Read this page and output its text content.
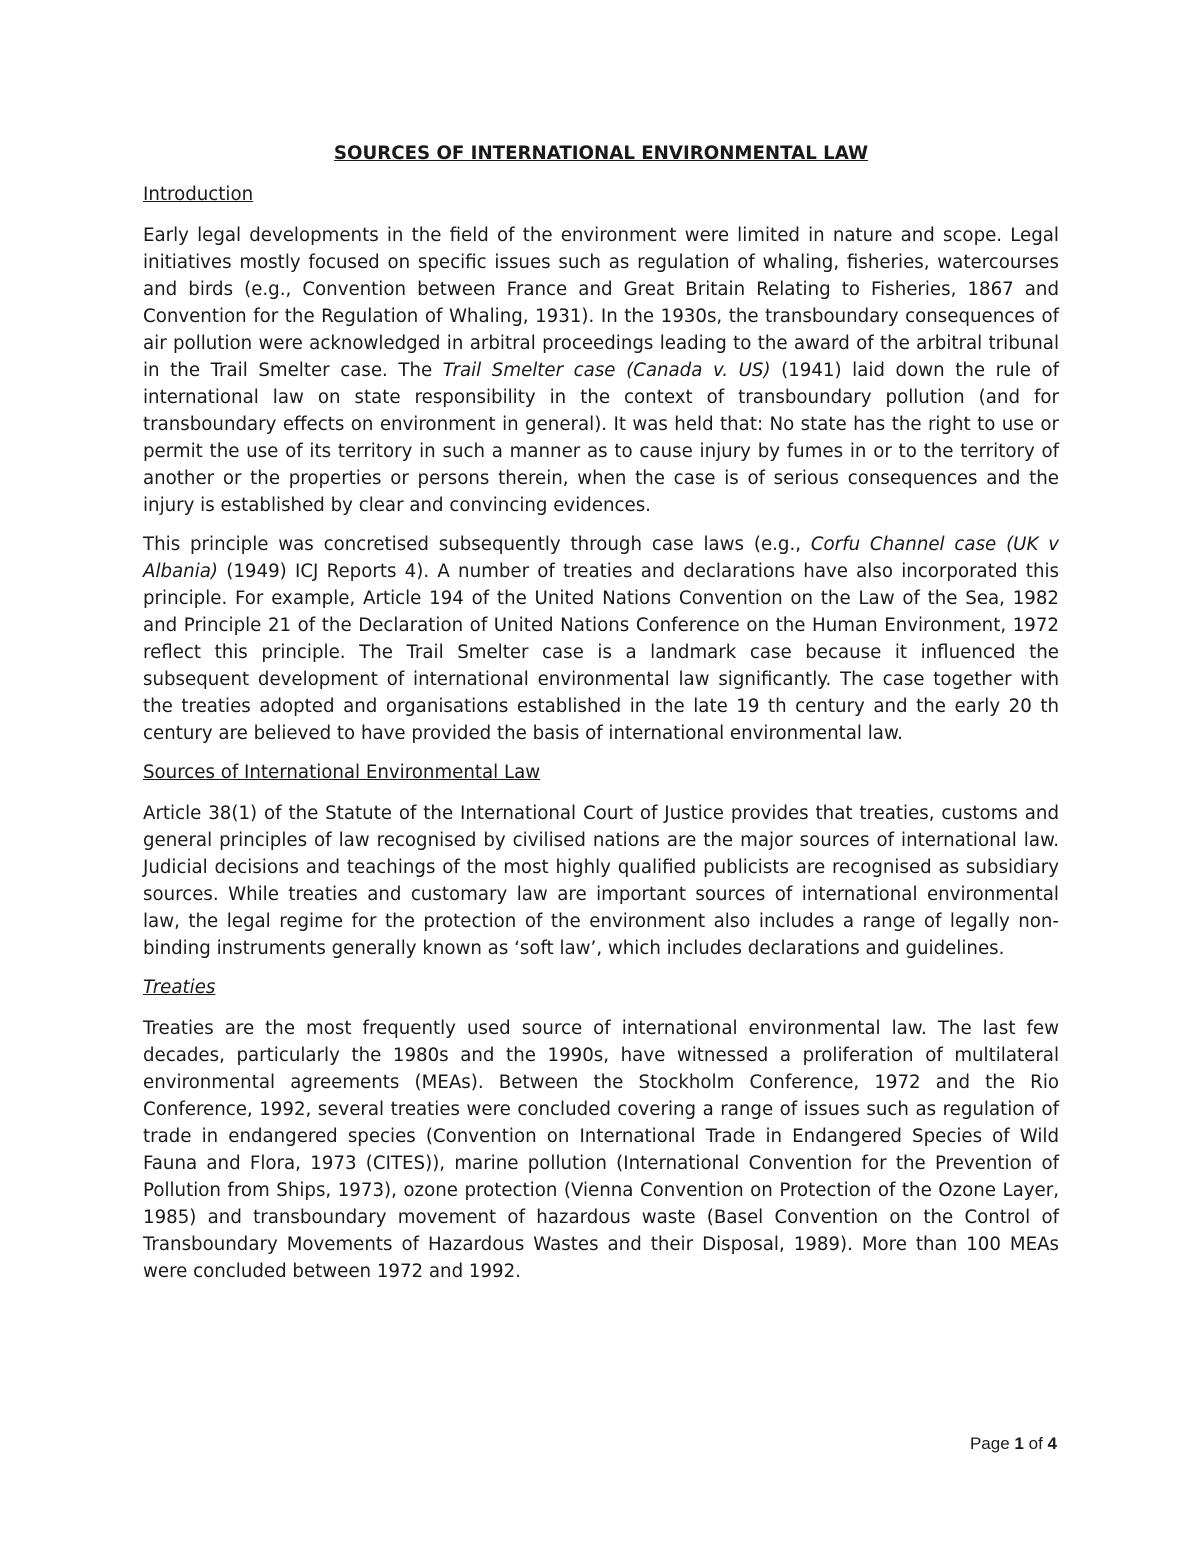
SOURCES OF INTERNATIONAL ENVIRONMENTAL LAW
Introduction

Early legal developments in the field of the environment were limited in nature and scope. Legal initiatives mostly focused on specific issues such as regulation of whaling, fisheries, watercourses and birds (e.g., Convention between France and Great Britain Relating to Fisheries, 1867 and Convention for the Regulation of Whaling, 1931). In the 1930s, the transboundary consequences of air pollution were acknowledged in arbitral proceedings leading to the award of the arbitral tribunal in the Trail Smelter case. The Trail Smelter case (Canada v. US) (1941) laid down the rule of international law on state responsibility in the context of transboundary pollution (and for transboundary effects on environment in general). It was held that: No state has the right to use or permit the use of its territory in such a manner as to cause injury by fumes in or to the territory of another or the properties or persons therein, when the case is of serious consequences and the injury is established by clear and convincing evidences.

This principle was concretised subsequently through case laws (e.g., Corfu Channel case (UK v Albania) (1949) ICJ Reports 4). A number of treaties and declarations have also incorporated this principle. For example, Article 194 of the United Nations Convention on the Law of the Sea, 1982 and Principle 21 of the Declaration of United Nations Conference on the Human Environment, 1972 reflect this principle. The Trail Smelter case is a landmark case because it influenced the subsequent development of international environmental law significantly. The case together with the treaties adopted and organisations established in the late 19 th century and the early 20 th century are believed to have provided the basis of international environmental law.

Sources of International Environmental Law

Article 38(1) of the Statute of the International Court of Justice provides that treaties, customs and general principles of law recognised by civilised nations are the major sources of international law. Judicial decisions and teachings of the most highly qualified publicists are recognised as subsidiary sources. While treaties and customary law are important sources of international environmental law, the legal regime for the protection of the environment also includes a range of legally non-binding instruments generally known as ‘soft law’, which includes declarations and guidelines.

Treaties

Treaties are the most frequently used source of international environmental law. The last few decades, particularly the 1980s and the 1990s, have witnessed a proliferation of multilateral environmental agreements (MEAs). Between the Stockholm Conference, 1972 and the Rio Conference, 1992, several treaties were concluded covering a range of issues such as regulation of trade in endangered species (Convention on International Trade in Endangered Species of Wild Fauna and Flora, 1973 (CITES)), marine pollution (International Convention for the Prevention of Pollution from Ships, 1973), ozone protection (Vienna Convention on Protection of the Ozone Layer, 1985) and transboundary movement of hazardous waste (Basel Convention on the Control of Transboundary Movements of Hazardous Wastes and their Disposal, 1989). More than 100 MEAs were concluded between 1972 and 1992.

Page 1 of 4
